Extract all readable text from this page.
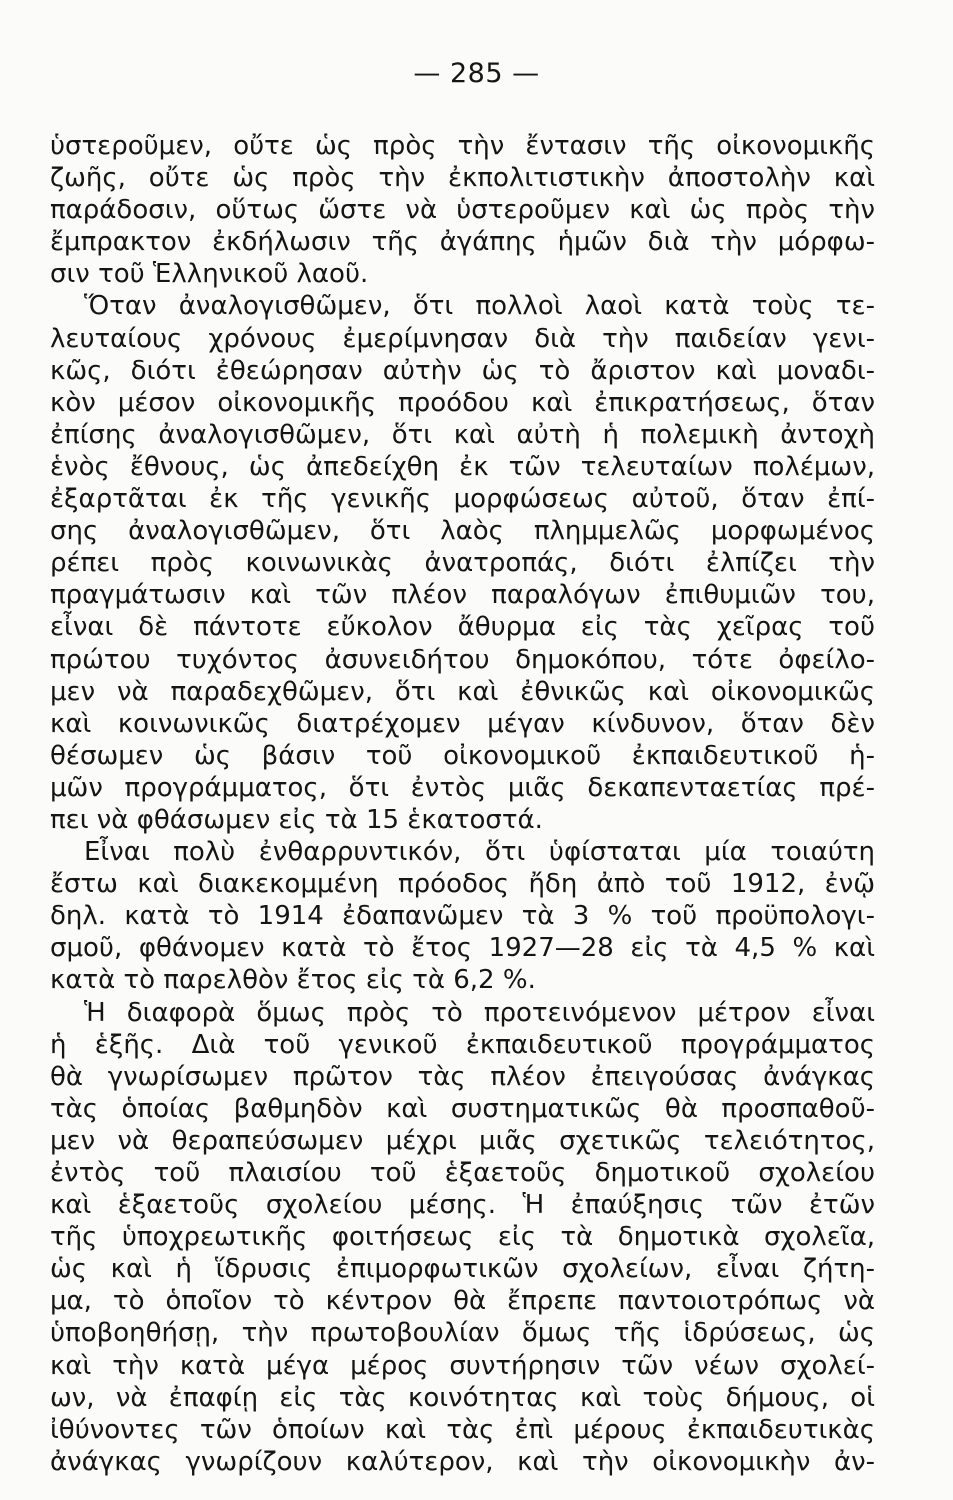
— 285 —
ὑστεροῦμεν, οὔτε ὡς πρὸς τὴν ἔντασιν τῆς οἰκονομικῆς
ζωῆς, οὔτε ὡς πρὸς τὴν ἐκπολιτιστικὴν ἀποστολὴν καὶ
παράδοσιν, οὕτως ὥστε νὰ ὑστεροῦμεν καὶ ὡς πρὸς τὴν
ἔμπρακτον ἐκδήλωσιν τῆς ἀγάπης ἡμῶν διὰ τὴν μόρφω-
σιν τοῦ Ἑλληνικοῦ λαοῦ.
Ὅταν ἀναλογισθῶμεν, ὅτι πολλοὶ λαοὶ κατὰ τοὺς τε-
λευταίους χρόνους ἐμερίμνησαν διὰ τὴν παιδείαν γενι-
κῶς, διότι ἐθεώρησαν αὐτὴν ὡς τὸ ἄριστον καὶ μοναδι-
κὸν μέσον οἰκονομικῆς προόδου καὶ ἐπικρατήσεως, ὅταν
ἐπίσης ἀναλογισθῶμεν, ὅτι καὶ αὐτὴ ἡ πολεμικὴ ἀντοχὴ
ἑνὸς ἔθνους, ὡς ἀπεδείχθη ἐκ τῶν τελευταίων πολέμων,
ἐξαρτᾶται ἐκ τῆς γενικῆς μορφώσεως αὐτοῦ, ὅταν ἐπί-
σης ἀναλογισθῶμεν, ὅτι λαὸς πλημμελῶς μορφωμένος
ρέπει πρὸς κοινωνικὰς ἀνατροπάς, διότι ἐλπίζει τὴν
πραγμάτωσιν καὶ τῶν πλέον παραλόγων ἐπιθυμιῶν του,
εἶναι δὲ πάντοτε εὔκολον ἄθυρμα εἰς τὰς χεῖρας τοῦ
πρώτου τυχόντος ἀσυνειδήτου δημοκόπου, τότε ὀφείλο-
μεν νὰ παραδεχθῶμεν, ὅτι καὶ ἐθνικῶς καὶ οἰκονομικῶς
καὶ κοινωνικῶς διατρέχομεν μέγαν κίνδυνον, ὅταν δὲν
θέσωμεν ὡς βάσιν τοῦ οἰκονομικοῦ ἐκπαιδευτικοῦ ἡ-
μῶν προγράμματος, ὅτι ἐντὸς μιᾶς δεκαπενταετίας πρέ-
πει νὰ φθάσωμεν εἰς τὰ 15 ἑκατοστά.
Εἶναι πολὺ ἐνθαρρυντικόν, ὅτι ὑφίσταται μία τοιαύτη
ἔστω καὶ διακεκομμένη πρόοδος ἤδη ἀπὸ τοῦ 1912, ἐνῷ
δηλ. κατὰ τὸ 1914 ἐδαπανῶμεν τὰ 3 % τοῦ προϋπολογι-
σμοῦ, φθάνομεν κατὰ τὸ ἔτος 1927—28 εἰς τὰ 4,5 % καὶ
κατὰ τὸ παρελθὸν ἔτος εἰς τὰ 6,2 %.
Ἡ διαφορὰ ὅμως πρὸς τὸ προτεινόμενον μέτρον εἶναι
ἡ ἑξῆς. Διὰ τοῦ γενικοῦ ἐκπαιδευτικοῦ προγράμματος
θὰ γνωρίσωμεν πρῶτον τὰς πλέον ἐπειγούσας ἀνάγκας
τὰς ὁποίας βαθμηδὸν καὶ συστηματικῶς θὰ προσπαθοῦ-
μεν νὰ θεραπεύσωμεν μέχρι μιᾶς σχετικῶς τελειότητος,
ἐντὸς τοῦ πλαισίου τοῦ ἑξαετοῦς δημοτικοῦ σχολείου
καὶ ἑξαετοῦς σχολείου μέσης. Ἡ ἐπαύξησις τῶν ἐτῶν
τῆς ὑποχρεωτικῆς φοιτήσεως εἰς τὰ δημοτικὰ σχολεῖα,
ὡς καὶ ἡ ἵδρυσις ἐπιμορφωτικῶν σχολείων, εἶναι ζήτη-
μα, τὸ ὁποῖον τὸ κέντρον θὰ ἔπρεπε παντοιοτρόπως νὰ
ὑποβοηθήσῃ, τὴν πρωτοβουλίαν ὅμως τῆς ἱδρύσεως, ὡς
καὶ τὴν κατὰ μέγα μέρος συντήρησιν τῶν νέων σχολεί-
ων, νὰ ἐπαφίῃ εἰς τὰς κοινότητας καὶ τοὺς δήμους, οἱ
ἰθύνοντες τῶν ὁποίων καὶ τὰς ἐπὶ μέρους ἐκπαιδευτικὰς
ἀνάγκας γνωρίζουν καλύτερον, καὶ τὴν οἰκονομικὴν ἀν-
